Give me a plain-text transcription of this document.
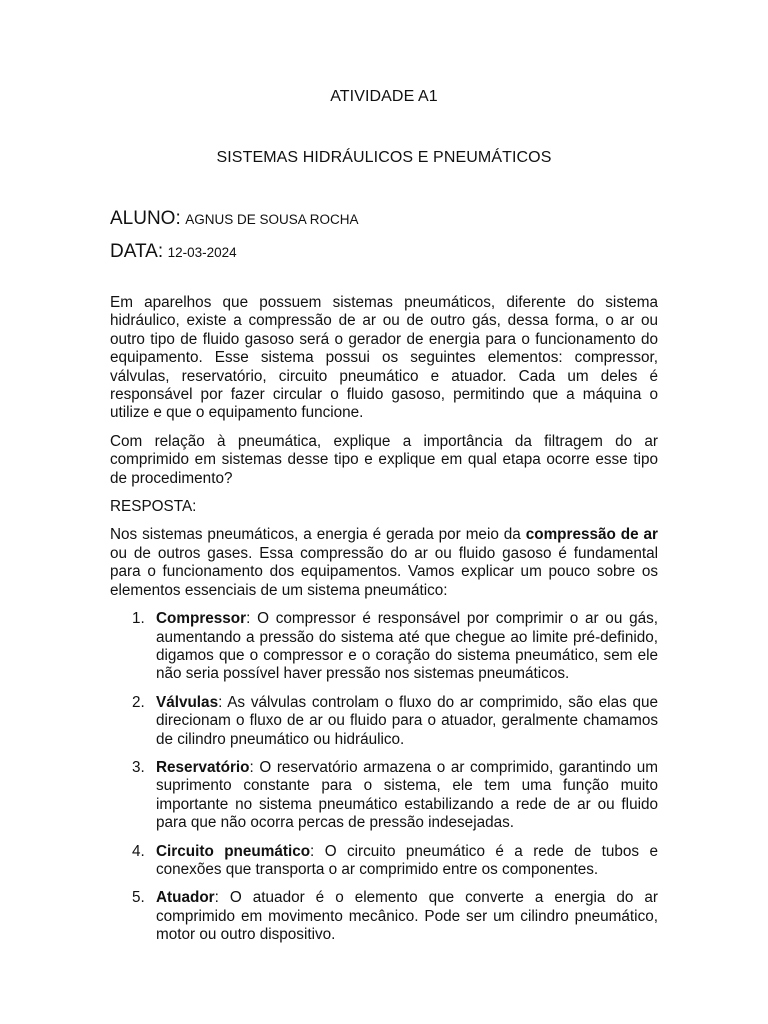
ATIVIDADE A1
SISTEMAS HIDRÁULICOS E PNEUMÁTICOS
ALUNO: AGNUS DE SOUSA ROCHA
DATA: 12-03-2024

Em aparelhos que possuem sistemas pneumáticos, diferente do sistema hidráulico, existe a compressão de ar ou de outro gás, dessa forma, o ar ou outro tipo de fluido gasoso será o gerador de energia para o funcionamento do equipamento. Esse sistema possui os seguintes elementos: compressor, válvulas, reservatório, circuito pneumático e atuador. Cada um deles é responsável por fazer circular o fluido gasoso, permitindo que a máquina o utilize e que o equipamento funcione.

Com relação à pneumática, explique a importância da filtragem do ar comprimido em sistemas desse tipo e explique em qual etapa ocorre esse tipo de procedimento?

RESPOSTA:

Nos sistemas pneumáticos, a energia é gerada por meio da compressão de ar ou de outros gases. Essa compressão do ar ou fluido gasoso é fundamental para o funcionamento dos equipamentos. Vamos explicar um pouco sobre os elementos essenciais de um sistema pneumático:

1. Compressor: O compressor é responsável por comprimir o ar ou gás, aumentando a pressão do sistema até que chegue ao limite pré-definido, digamos que o compressor e o coração do sistema pneumático, sem ele não seria possível haver pressão nos sistemas pneumáticos.
2. Válvulas: As válvulas controlam o fluxo do ar comprimido, são elas que direcionam o fluxo de ar ou fluido para o atuador, geralmente chamamos de cilindro pneumático ou hidráulico.
3. Reservatório: O reservatório armazena o ar comprimido, garantindo um suprimento constante para o sistema, ele tem uma função muito importante no sistema pneumático estabilizando a rede de ar ou fluido para que não ocorra percas de pressão indesejadas.
4. Circuito pneumático: O circuito pneumático é a rede de tubos e conexões que transporta o ar comprimido entre os componentes.
5. Atuador: O atuador é o elemento que converte a energia do ar comprimido em movimento mecânico. Pode ser um cilindro pneumático, motor ou outro dispositivo.
